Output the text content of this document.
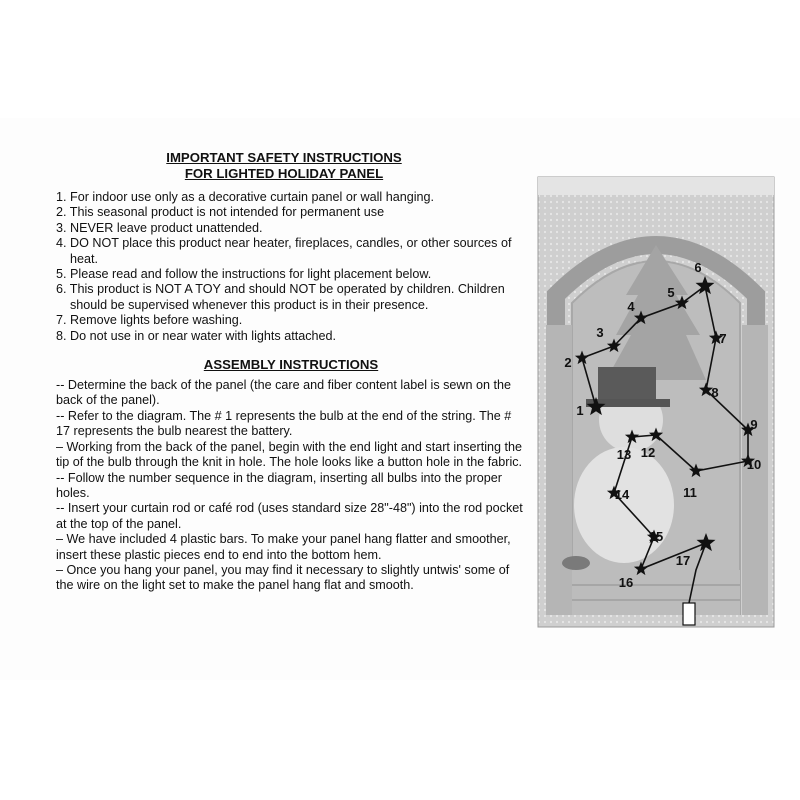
IMPORTANT SAFETY INSTRUCTIONS
FOR LIGHTED HOLIDAY PANEL
1. For indoor use only as a decorative curtain panel or wall hanging.
2. This seasonal product is not intended for permanent use
3. NEVER leave product unattended.
4. DO NOT place this product near heater, fireplaces, candles, or other sources of heat.
5. Please read and follow the instructions for light placement below.
6. This product is NOT A TOY and should NOT be operated by children. Children should be supervised whenever this product is in their presence.
7. Remove lights before washing.
8. Do not use in or near water with lights attached.
ASSEMBLY INSTRUCTIONS
-- Determine the back of the panel (the care and fiber content label is sewn on the back of the panel).
-- Refer to the diagram. The # 1 represents the bulb at the end of the string. The # 17 represents the bulb nearest the battery.
– Working from the back of the panel, begin with the end light and start inserting the tip of the bulb through the knit in hole. The hole looks like a button hole in the fabric.
-- Follow the number sequence in the diagram, inserting all bulbs into the proper holes.
-- Insert your curtain rod or café rod (uses standard size 28"-48") into the rod pocket at the top of the panel.
– We have included 4 plastic bars. To make your panel hang flatter and smoother, insert these plastic pieces end to end into the bottom hem.
– Once you hang your panel, you may find it necessary to slightly untwis' some of the wire on the light set to make the panel hang flat and smooth.
1
2
3
4
5
6
7
8
9
10
11
12
13
14
15
16
17
